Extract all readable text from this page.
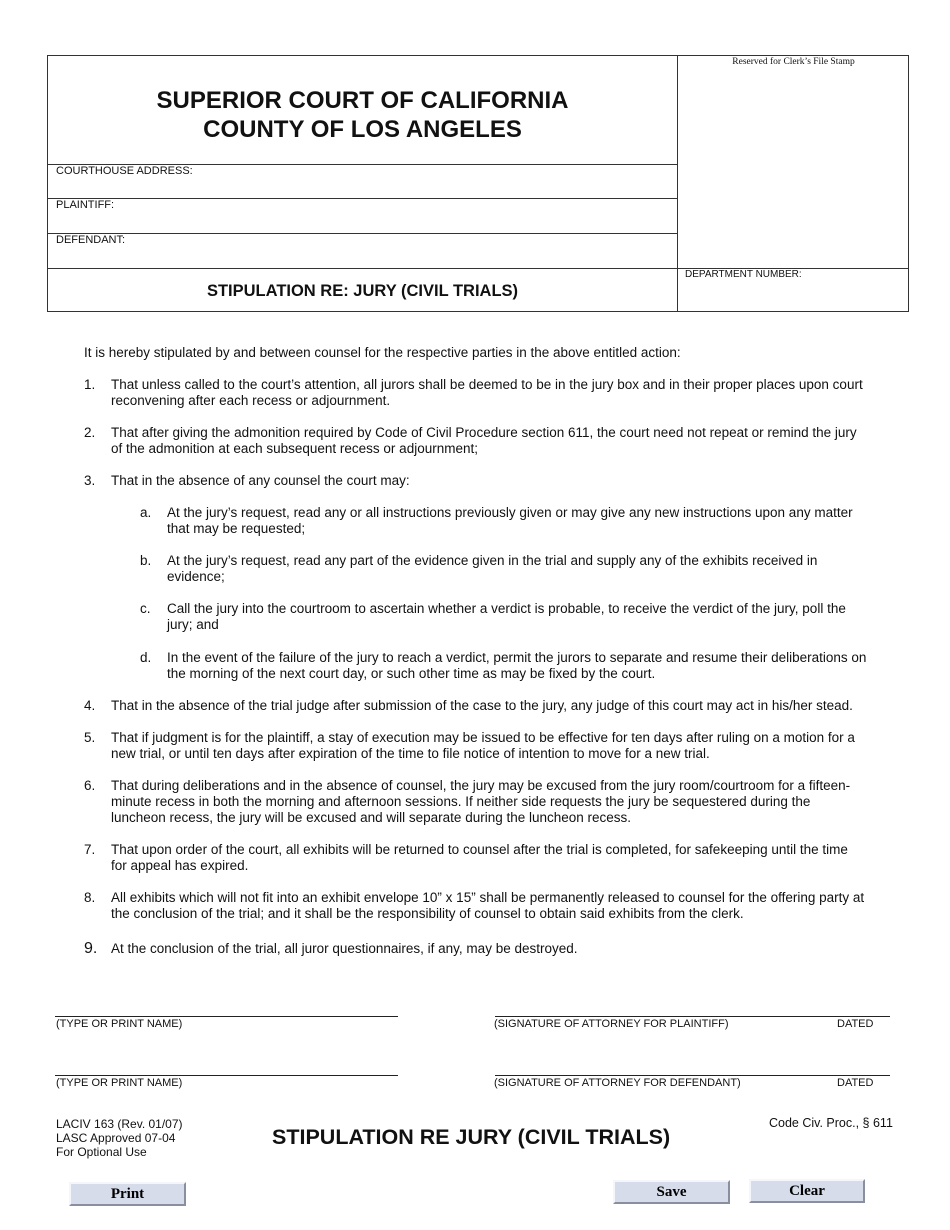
SUPERIOR COURT OF CALIFORNIA
COUNTY OF LOS ANGELES
COURTHOUSE ADDRESS:
PLAINTIFF:
DEFENDANT:
Reserved for Clerk’s File Stamp
DEPARTMENT NUMBER:
STIPULATION RE: JURY (CIVIL TRIALS)
It is hereby stipulated by and between counsel for the respective parties in the above entitled action:
1. That unless called to the court’s attention, all jurors shall be deemed to be in the jury box and in their proper places upon court
reconvening after each recess or adjournment.
2. That after giving the admonition required by Code of Civil Procedure section 611, the court need not repeat or remind the jury
of the admonition at each subsequent recess or adjournment;
3. That in the absence of any counsel the court may:
a. At the jury’s request, read any or all instructions previously given or may give any new instructions upon any matter
that may be requested;
b. At the jury’s request, read any part of the evidence given in the trial and supply any of the exhibits received in
evidence;
c. Call the jury into the courtroom to ascertain whether a verdict is probable, to receive the verdict of the jury, poll the
jury; and
d. In the event of the failure of the jury to reach a verdict, permit the jurors to separate and resume their deliberations on
the morning of the next court day, or such other time as may be fixed by the court.
4. That in the absence of the trial judge after submission of the case to the jury, any judge of this court may act in his/her stead.
5. That if judgment is for the plaintiff, a stay of execution may be issued to be effective for ten days after ruling on a motion for a
new trial, or until ten days after expiration of the time to file notice of intention to move for a new trial.
6. That during deliberations and in the absence of counsel, the jury may be excused from the jury room/courtroom for a fifteen-
minute recess in both the morning and afternoon sessions. If neither side requests the jury be sequestered during the
luncheon recess, the jury will be excused and will separate during the luncheon recess.
7. That upon order of the court, all exhibits will be returned to counsel after the trial is completed, for safekeeping until the time
for appeal has expired.
8. All exhibits which will not fit into an exhibit envelope 10” x 15” shall be permanently released to counsel for the offering party at
the conclusion of the trial; and it shall be the responsibility of counsel to obtain said exhibits from the clerk.
9. At the conclusion of the trial, all juror questionnaires, if any, may be destroyed.
(TYPE OR PRINT NAME)	(SIGNATURE OF ATTORNEY FOR PLAINTIFF)	DATED
(TYPE OR PRINT NAME)	(SIGNATURE OF ATTORNEY FOR DEFENDANT)	DATED
LACIV 163 (Rev. 01/07)
LASC Approved 07-04
For Optional Use
STIPULATION RE JURY (CIVIL TRIALS)
Code Civ. Proc., § 611
Print	Save	Clear
